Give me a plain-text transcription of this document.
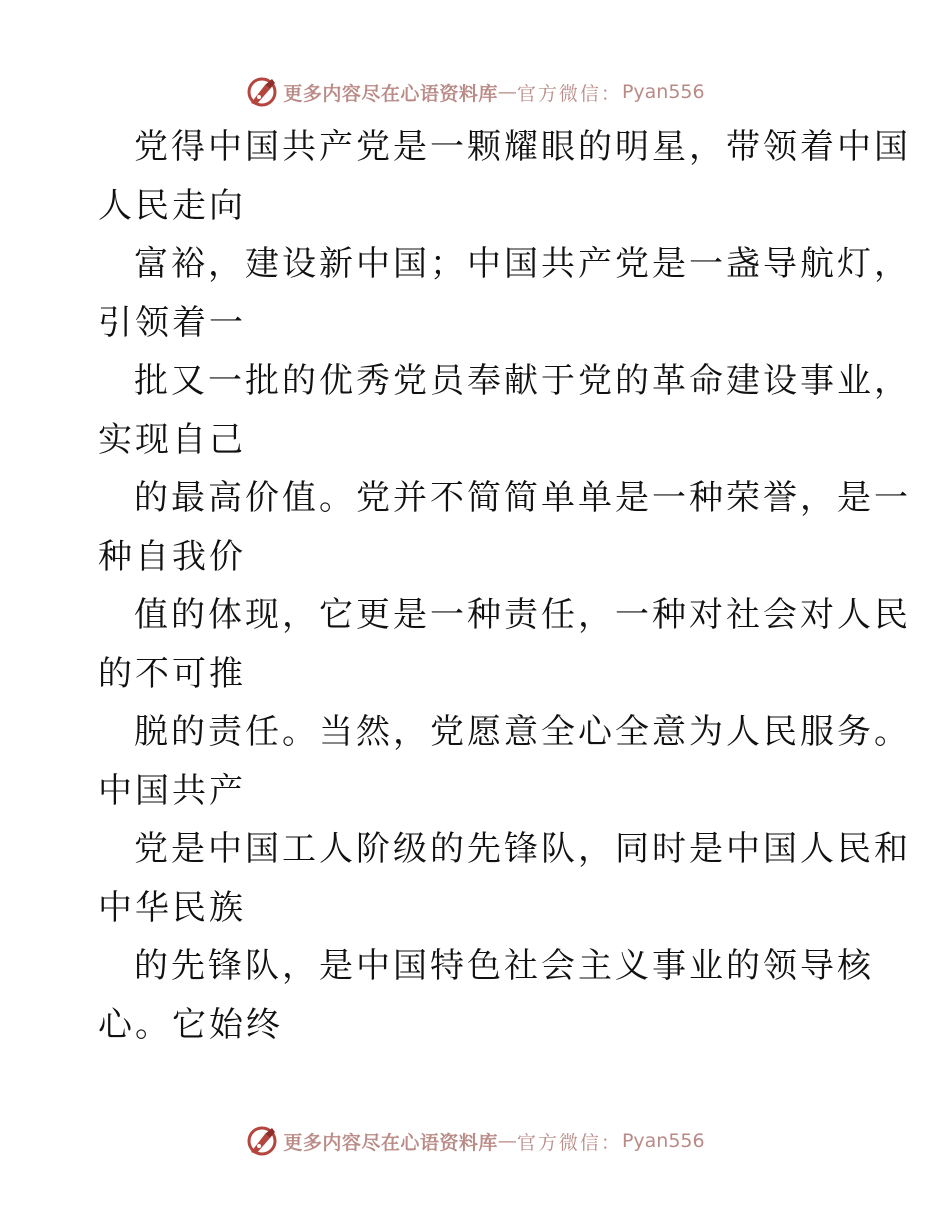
更多内容尽在心语资料库 — 官方微信： Pyan556
党得中国共产党是一颗耀眼的明星，带领着中国
人民走向
富裕，建设新中国；中国共产党是一盏导航灯，
引领着一
批又一批的优秀党员奉献于党的革命建设事业，
实现自己
的最高价值。党并不简简单单是一种荣誉，是一
种自我价
值的体现，它更是一种责任，一种对社会对人民
的不可推
脱的责任。当然，党愿意全心全意为人民服务。
中国共产
党是中国工人阶级的先锋队，同时是中国人民和
中华民族
的先锋队，是中国特色社会主义事业的领导核
心。它始终
更多内容尽在心语资料库 — 官方微信： Pyan556
